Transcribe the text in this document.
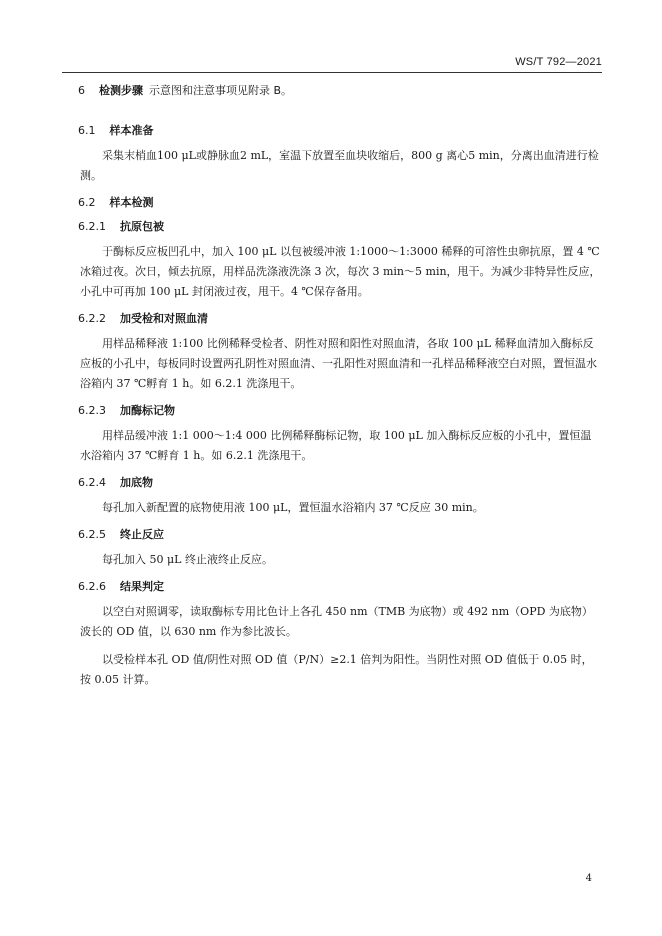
WS/T 792—2021

6 检测步骤 示意图和注意事项见附录 B。

6.1 样本准备

采集末梢血100 μL或静脉血2 mL，室温下放置至血块收缩后，800 g 离心5 min，分离出血清进行检测。

6.2 样本检测

6.2.1 抗原包被

于酶标反应板凹孔中，加入 100 μL 以包被缓冲液 1:1000～1:3000 稀释的可溶性虫卵抗原，置 4 ℃冰箱过夜。次日，倾去抗原，用样品洗涤液洗涤 3 次，每次 3 min～5 min，甩干。为减少非特异性反应，小孔中可再加 100 μL 封闭液过夜，甩干。4 ℃保存备用。

6.2.2 加受检和对照血清

用样品稀释液 1:100 比例稀释受检者、阴性对照和阳性对照血清，各取 100 μL 稀释血清加入酶标反应板的小孔中，每板同时设置两孔阴性对照血清、一孔阳性对照血清和一孔样品稀释液空白对照，置恒温水浴箱内 37 ℃孵育 1 h。如 6.2.1 洗涤甩干。

6.2.3 加酶标记物

用样品缓冲液 1:1 000～1:4 000 比例稀释酶标记物，取 100 μL 加入酶标反应板的小孔中，置恒温水浴箱内 37 ℃孵育 1 h。如 6.2.1 洗涤甩干。

6.2.4 加底物

每孔加入新配置的底物使用液 100 μL，置恒温水浴箱内 37 ℃反应 30 min。

6.2.5 终止反应

每孔加入 50 μL 终止液终止反应。

6.2.6 结果判定

以空白对照调零，读取酶标专用比色计上各孔 450 nm（TMB 为底物）或 492 nm（OPD 为底物）波长的 OD 值，以 630 nm 作为参比波长。

以受检样本孔 OD 值/阴性对照 OD 值（P/N）≥2.1 倍判为阳性。当阴性对照 OD 值低于 0.05 时，按 0.05 计算。

4
